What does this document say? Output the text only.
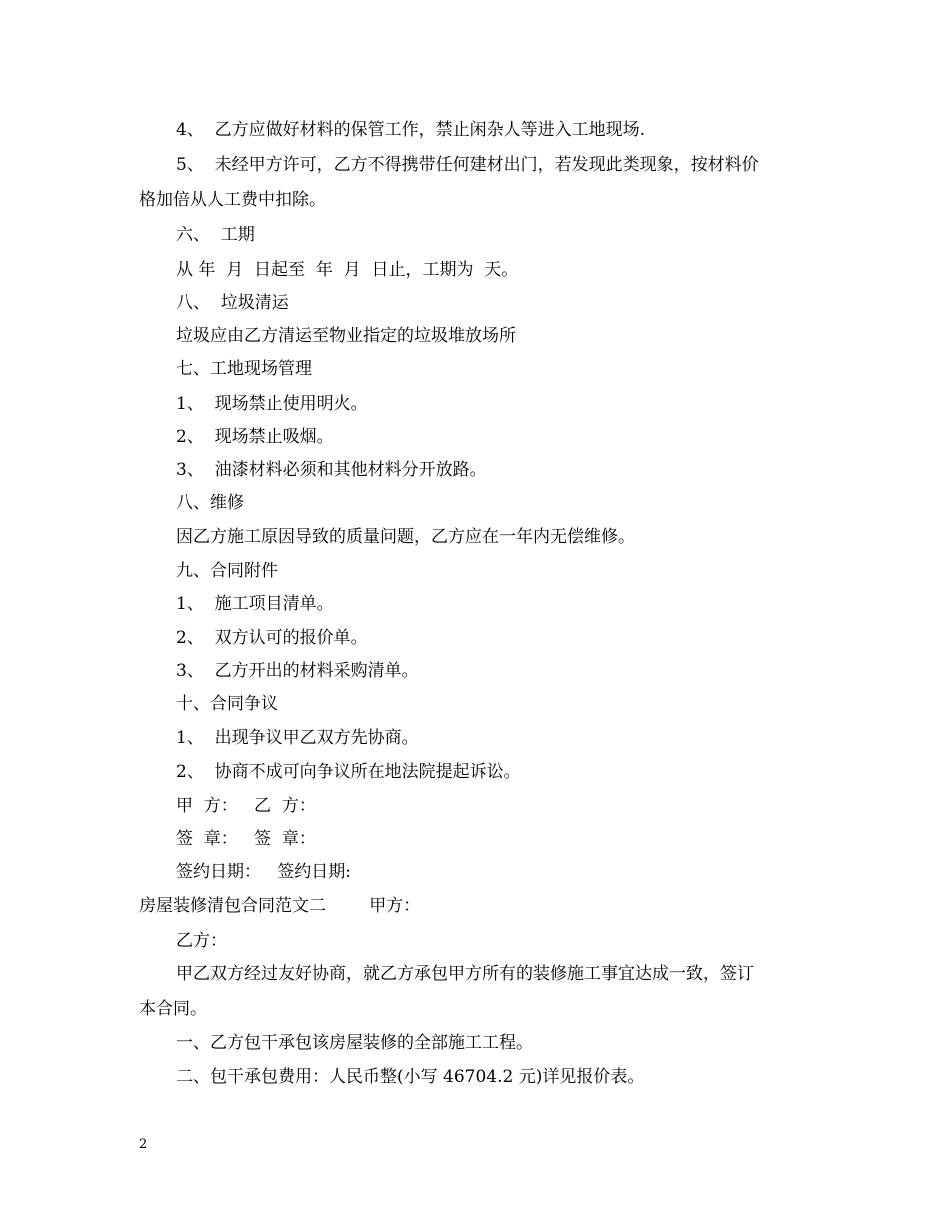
4、  乙方应做好材料的保管工作，禁止闲杂人等进入工地现场.
5、  未经甲方许可，乙方不得携带任何建材出门，若发现此类现象，按材料价
格加倍从人工费中扣除。
六、  工期
从 年  月  日起至  年  月  日止，工期为  天。
八、  垃圾清运
垃圾应由乙方清运至物业指定的垃圾堆放场所
七、工地现场管理
1、  现场禁止使用明火。
2、  现场禁止吸烟。
3、  油漆材料必须和其他材料分开放路。
八、维修
因乙方施工原因导致的质量问题，乙方应在一年内无偿维修。
九、合同附件
1、  施工项目清单。
2、  双方认可的报价单。
3、  乙方开出的材料采购清单。
十、合同争议
1、  出现争议甲乙双方先协商。
2、  协商不成可向争议所在地法院提起诉讼。
甲  方：   乙  方：
签  章：   签  章：
签约日期：   签约日期:
房屋装修清包合同范文二        甲方：
乙方：
甲乙双方经过友好协商，就乙方承包甲方所有的装修施工事宜达成一致，签订
本合同。
一、乙方包干承包该房屋装修的全部施工工程。
二、包干承包费用：人民币整(小写 46704.2 元)详见报价表。
2
